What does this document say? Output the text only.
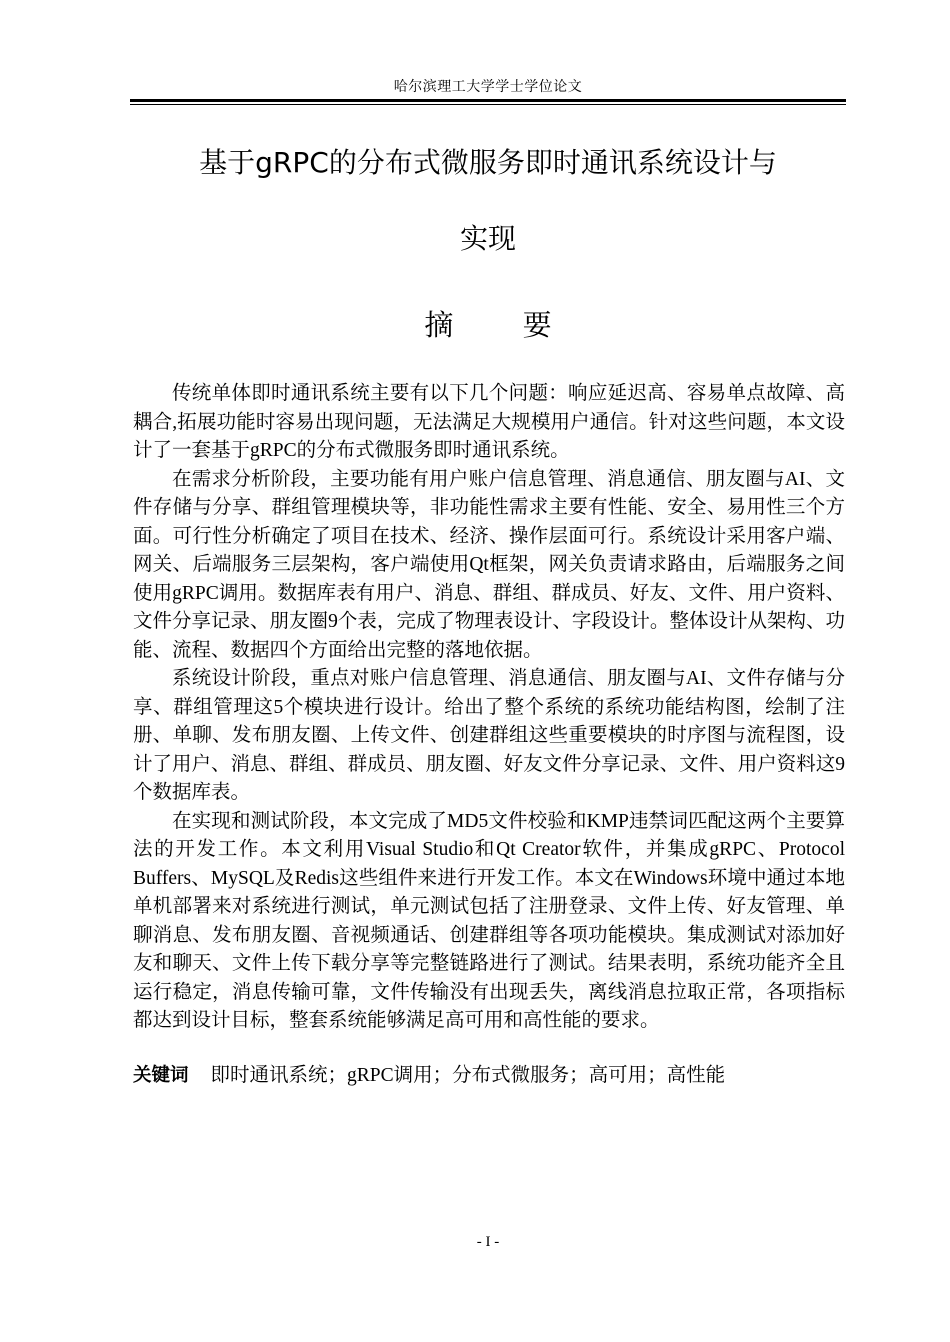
哈尔滨理工大学学士学位论文
基于gRPC的分布式微服务即时通讯系统设计与
实现
摘 要

传统单体即时通讯系统主要有以下几个问题：响应延迟高、容易单点故障、高耦合,拓展功能时容易出现问题，无法满足大规模用户通信。针对这些问题，本文设计了一套基于gRPC的分布式微服务即时通讯系统。

在需求分析阶段，主要功能有用户账户信息管理、消息通信、朋友圈与AI、文件存储与分享、群组管理模块等，非功能性需求主要有性能、安全、易用性三个方面。可行性分析确定了项目在技术、经济、操作层面可行。系统设计采用客户端、网关、后端服务三层架构，客户端使用Qt框架，网关负责请求路由，后端服务之间使用gRPC调用。数据库表有用户、消息、群组、群成员、好友、文件、用户资料、文件分享记录、朋友圈9个表，完成了物理表设计、字段设计。整体设计从架构、功能、流程、数据四个方面给出完整的落地依据。

系统设计阶段，重点对账户信息管理、消息通信、朋友圈与AI、文件存储与分享、群组管理这5个模块进行设计。给出了整个系统的系统功能结构图，绘制了注册、单聊、发布朋友圈、上传文件、创建群组这些重要模块的时序图与流程图，设计了用户、消息、群组、群成员、朋友圈、好友文件分享记录、文件、用户资料这9个数据库表。

在实现和测试阶段，本文完成了MD5文件校验和KMP违禁词匹配这两个主要算法的开发工作。本文利用Visual Studio和Qt Creator软件，并集成gRPC、Protocol Buffers、MySQL及Redis这些组件来进行开发工作。本文在Windows环境中通过本地单机部署来对系统进行测试，单元测试包括了注册登录、文件上传、好友管理、单聊消息、发布朋友圈、音视频通话、创建群组等各项功能模块。集成测试对添加好友和聊天、文件上传下载分享等完整链路进行了测试。结果表明，系统功能齐全且运行稳定，消息传输可靠，文件传输没有出现丢失，离线消息拉取正常，各项指标都达到设计目标，整套系统能够满足高可用和高性能的要求。

关键词 即时通讯系统；gRPC调用；分布式微服务；高可用；高性能
- I -
